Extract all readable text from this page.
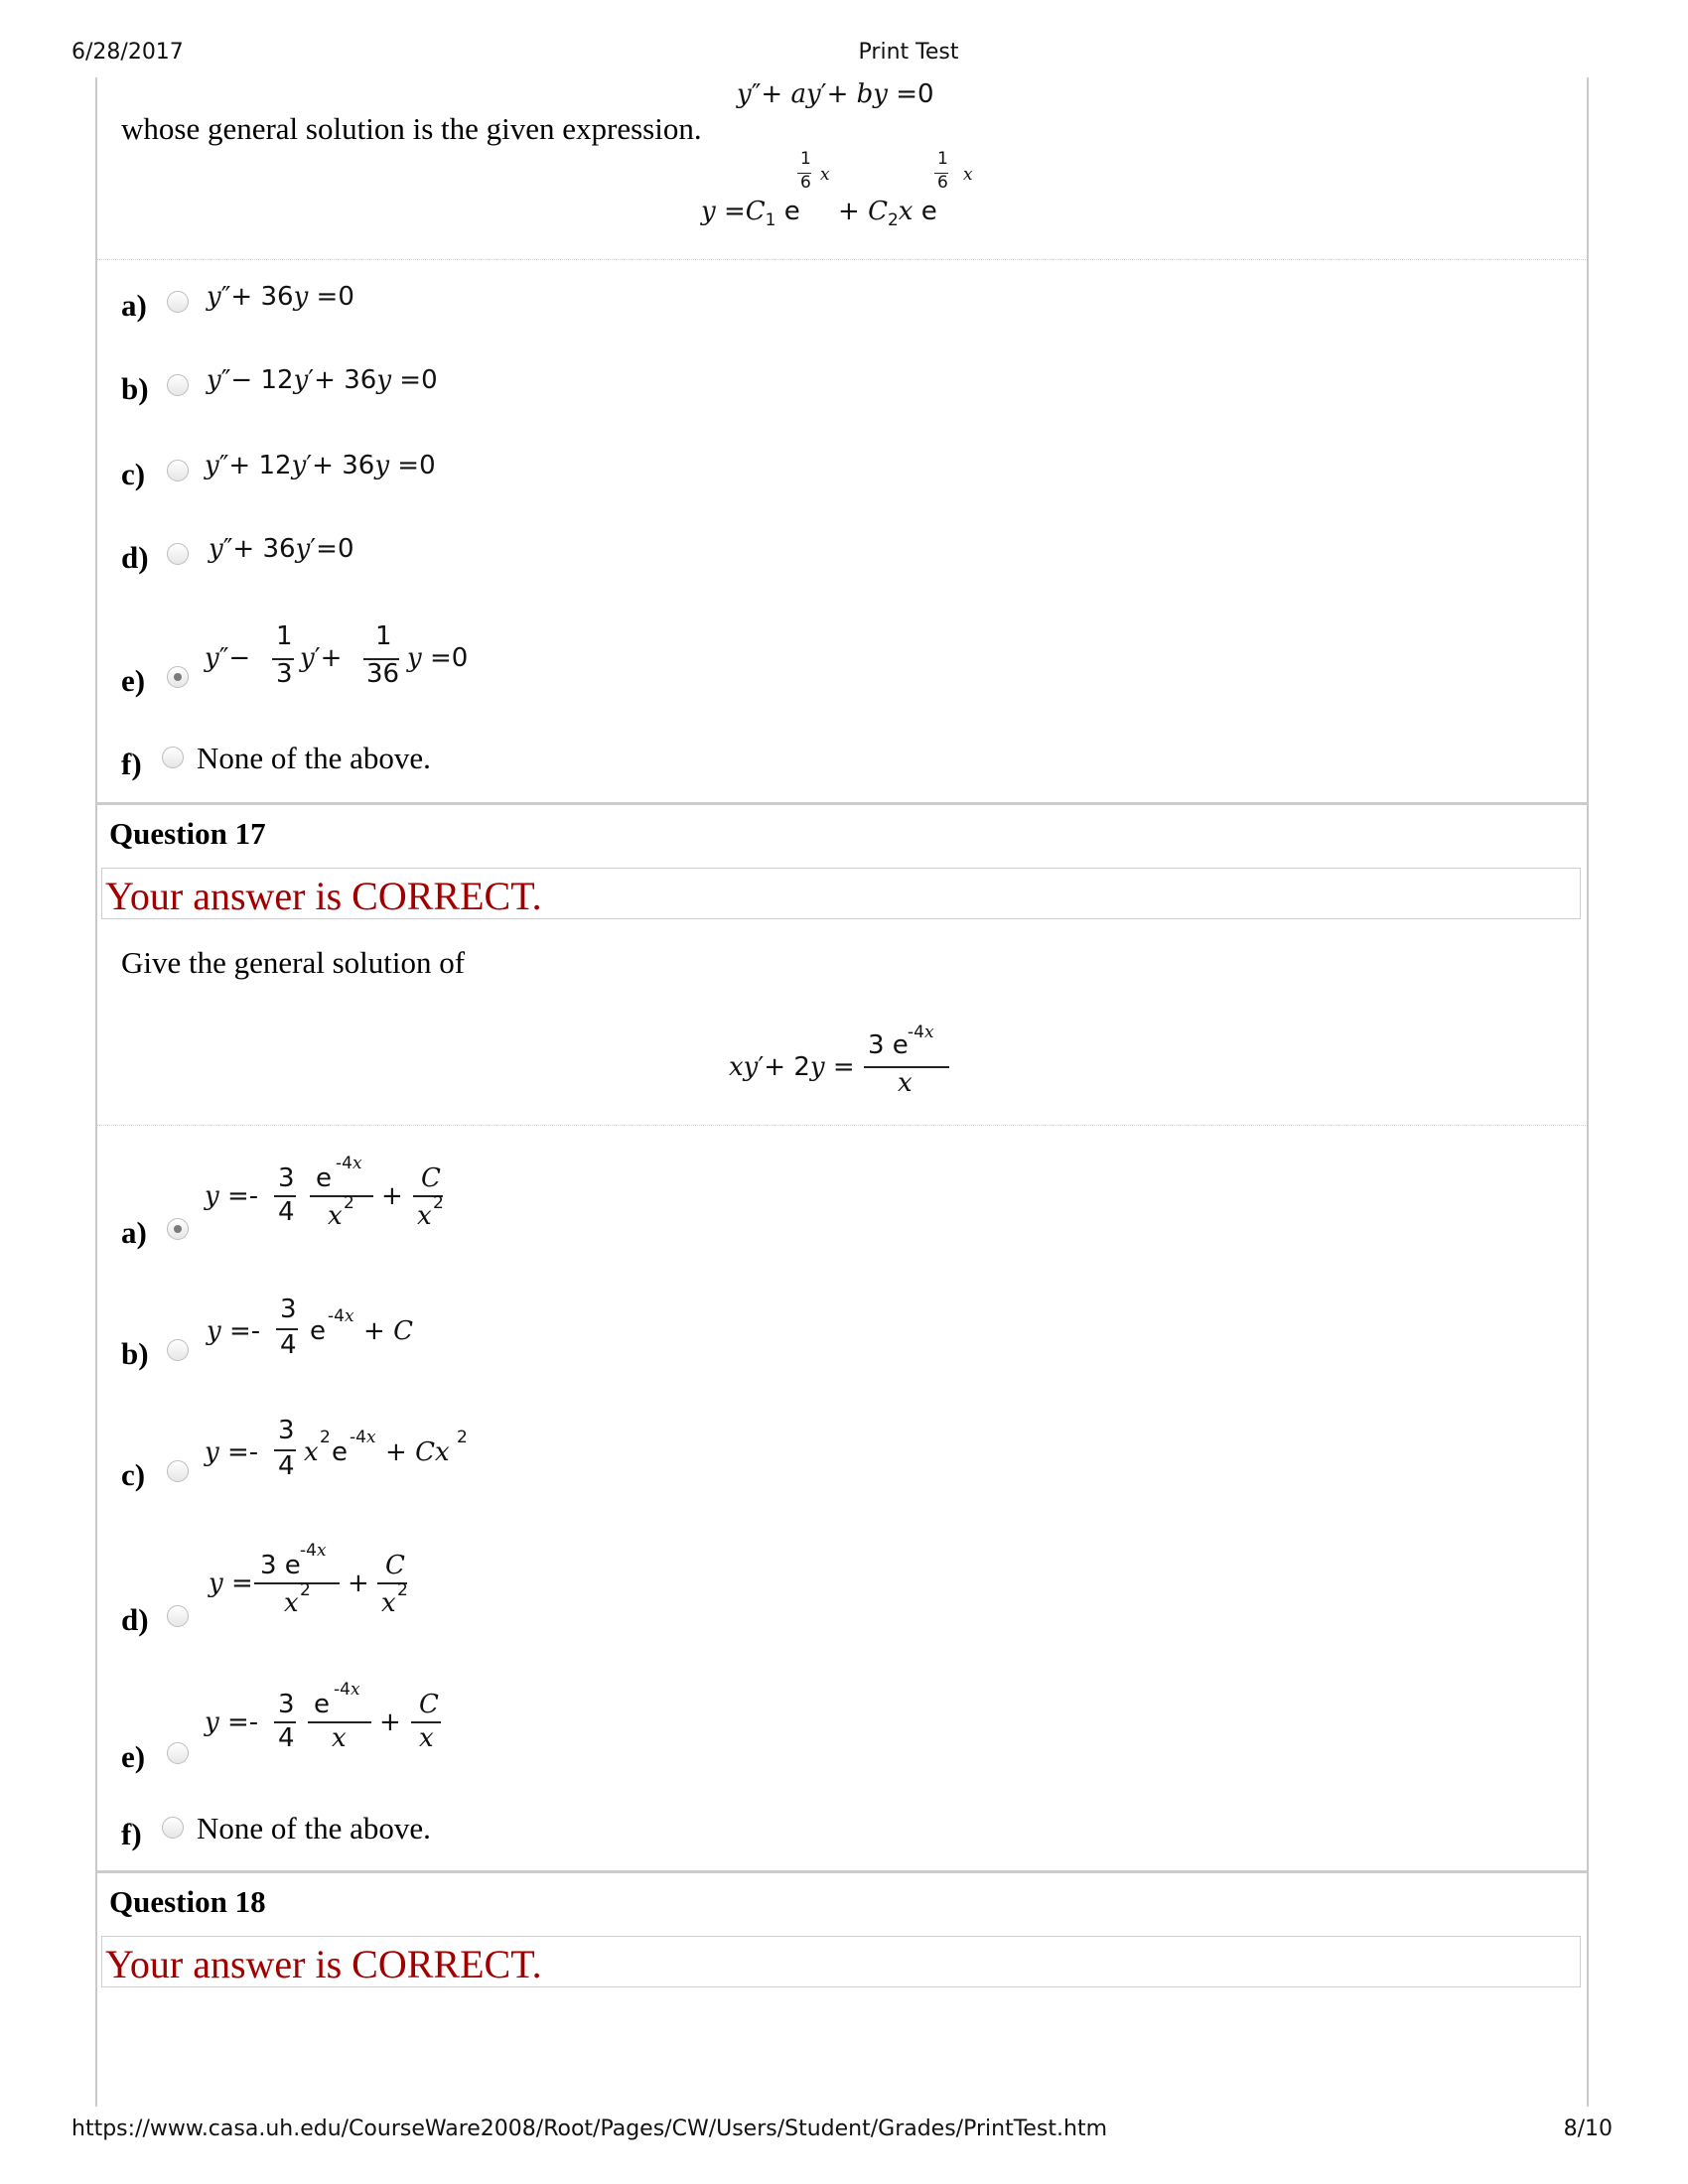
6/28/2017	Print Test
https://www.casa.uh.edu/CourseWare2008/Root/Pages/CW/Users/Student/Grades/PrintTest.htm	8/10
y″+ ay′+ by =0
whose general solution is the given expression.
$y =C_1$ e
1
6 x
+ $C_2x$ e
1
6 x
a) y″+ 36y =0
b) y″− 12y′+ 36y =0
c) y″+ 12y′+ 36y =0
d) y″+ 36y′=0
e)
y″−
1
3
y′+
1
36
y =0
f) None of the above.
Question 17
Your answer is CORRECT.
Give the general solution of
xy′+ 2y =
3 e -4x
x
a)
y =-
3
4
e -4x
x 2 +
C
x 2
b)
y =-
3
4 e -4x + C
c)
y =-
3
4 x 2 e -4x + Cx 2
d)
y =
3 e -4x
x 2 +
C
x 2
e)
y =-
3
4
e -4x
x
+
C
x
f) None of the above.
Question 18
Your answer is CORRECT.
